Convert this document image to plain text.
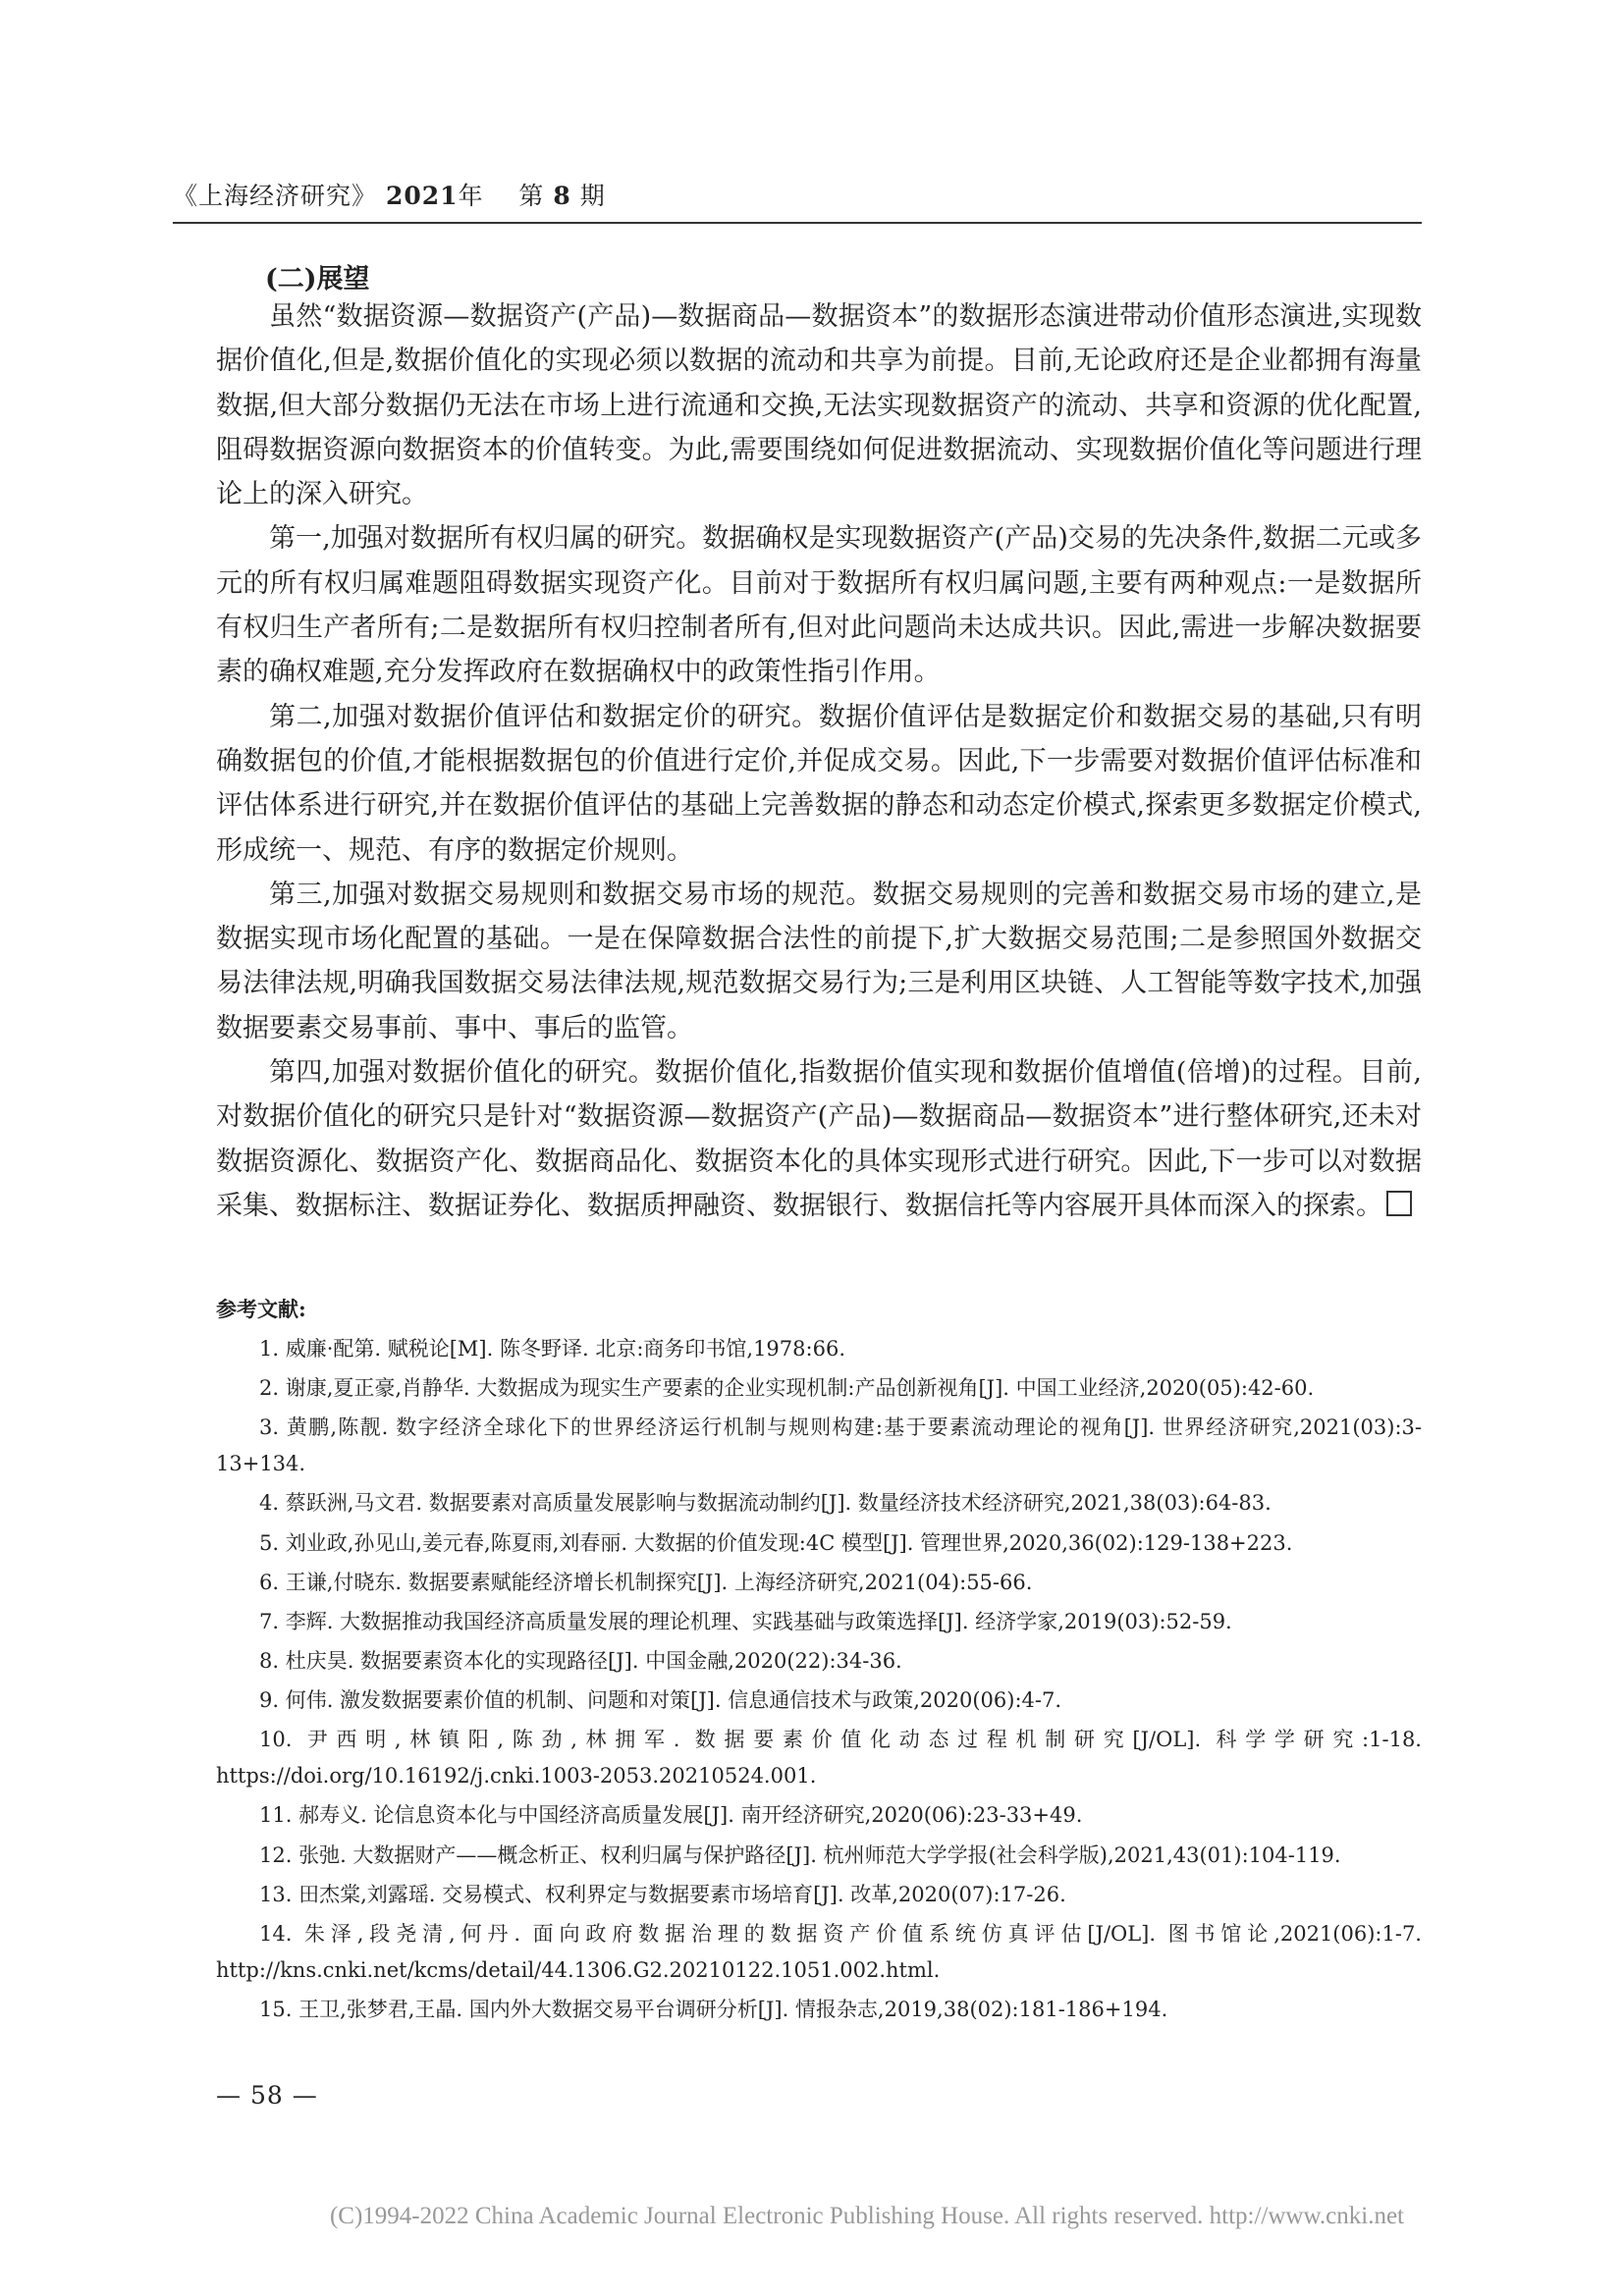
《上海经济研究》 2021年 第 8 期
(二)展望

虽然“数据资源—数据资产(产品)—数据商品—数据资本”的数据形态演进带动价值形态演进,实现数据价值化,但是,数据价值化的实现必须以数据的流动和共享为前提。目前,无论政府还是企业都拥有海量数据,但大部分数据仍无法在市场上进行流通和交换,无法实现数据资产的流动、共享和资源的优化配置,阻碍数据资源向数据资本的价值转变。为此,需要围绕如何促进数据流动、实现数据价值化等问题进行理论上的深入研究。

第一,加强对数据所有权归属的研究。数据确权是实现数据资产(产品)交易的先决条件,数据二元或多元的所有权归属难题阻碍数据实现资产化。目前对于数据所有权归属问题,主要有两种观点:一是数据所有权归生产者所有;二是数据所有权归控制者所有,但对此问题尚未达成共识。因此,需进一步解决数据要素的确权难题,充分发挥政府在数据确权中的政策性指引作用。

第二,加强对数据价值评估和数据定价的研究。数据价值评估是数据定价和数据交易的基础,只有明确数据包的价值,才能根据数据包的价值进行定价,并促成交易。因此,下一步需要对数据价值评估标准和评估体系进行研究,并在数据价值评估的基础上完善数据的静态和动态定价模式,探索更多数据定价模式,形成统一、规范、有序的数据定价规则。

第三,加强对数据交易规则和数据交易市场的规范。数据交易规则的完善和数据交易市场的建立,是数据实现市场化配置的基础。一是在保障数据合法性的前提下,扩大数据交易范围;二是参照国外数据交易法律法规,明确我国数据交易法律法规,规范数据交易行为;三是利用区块链、人工智能等数字技术,加强数据要素交易事前、事中、事后的监管。

第四,加强对数据价值化的研究。数据价值化,指数据价值实现和数据价值增值(倍增)的过程。目前,对数据价值化的研究只是针对“数据资源—数据资产(产品)—数据商品—数据资本”进行整体研究,还未对数据资源化、数据资产化、数据商品化、数据资本化的具体实现形式进行研究。因此,下一步可以对数据采集、数据标注、数据证券化、数据质押融资、数据银行、数据信托等内容展开具体而深入的探索。

参考文献:
1. 威廉·配第. 赋税论[M]. 陈冬野译. 北京:商务印书馆,1978:66.
2. 谢康,夏正豪,肖静华. 大数据成为现实生产要素的企业实现机制:产品创新视角[J]. 中国工业经济,2020(05):42-60.
3. 黄鹏,陈靓. 数字经济全球化下的世界经济运行机制与规则构建:基于要素流动理论的视角[J]. 世界经济研究,2021(03):3-13+134.
4. 蔡跃洲,马文君. 数据要素对高质量发展影响与数据流动制约[J]. 数量经济技术经济研究,2021,38(03):64-83.
5. 刘业政,孙见山,姜元春,陈夏雨,刘春丽. 大数据的价值发现:4C 模型[J]. 管理世界,2020,36(02):129-138+223.
6. 王谦,付晓东. 数据要素赋能经济增长机制探究[J]. 上海经济研究,2021(04):55-66.
7. 李辉. 大数据推动我国经济高质量发展的理论机理、实践基础与政策选择[J]. 经济学家,2019(03):52-59.
8. 杜庆昊. 数据要素资本化的实现路径[J]. 中国金融,2020(22):34-36.
9. 何伟. 激发数据要素价值的机制、问题和对策[J]. 信息通信技术与政策,2020(06):4-7.
10. 尹西明,林镇阳,陈劲,林拥军. 数据要素价值化动态过程机制研究[J/OL]. 科学学研究:1-18. https://doi.org/10.16192/j.cnki.1003-2053.20210524.001.
11. 郝寿义. 论信息资本化与中国经济高质量发展[J]. 南开经济研究,2020(06):23-33+49.
12. 张弛. 大数据财产——概念析正、权利归属与保护路径[J]. 杭州师范大学学报(社会科学版),2021,43(01):104-119.
13. 田杰棠,刘露瑶. 交易模式、权利界定与数据要素市场培育[J]. 改革,2020(07):17-26.
14. 朱泽,段尧清,何丹. 面向政府数据治理的数据资产价值系统仿真评估[J/OL]. 图书馆论,2021(06):1-7. http://kns.cnki.net/kcms/detail/44.1306.G2.20210122.1051.002.html.
15. 王卫,张梦君,王晶. 国内外大数据交易平台调研分析[J]. 情报杂志,2019,38(02):181-186+194.
— 58 —
(C)1994-2022 China Academic Journal Electronic Publishing House. All rights reserved. http://www.cnki.net
